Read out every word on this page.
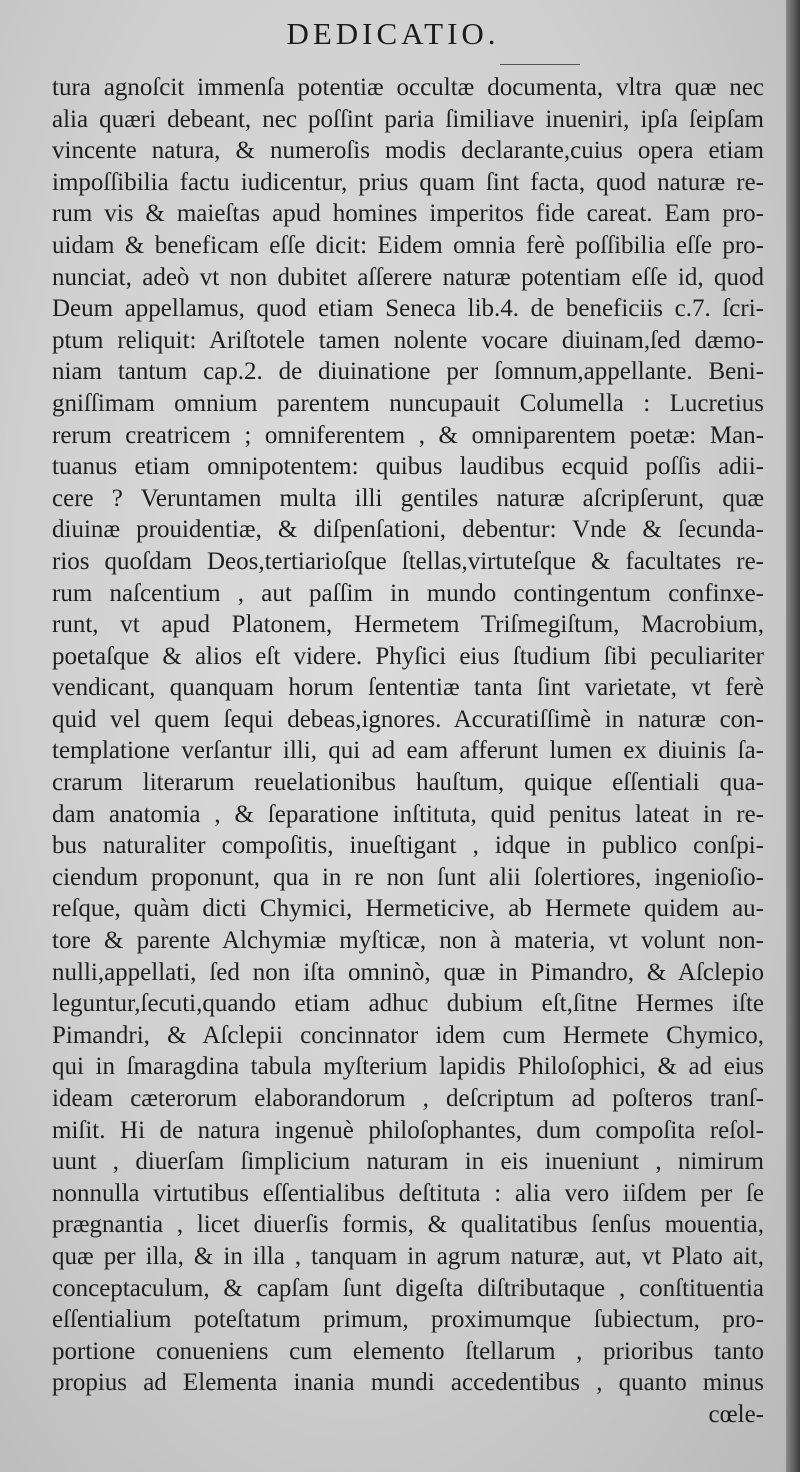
DEDICATIO.
tura agnoſcit immenſa potentiæ occultæ documenta, vltra quæ nec
alia quæri debeant, nec poſſint paria ſimiliave inueniri, ipſa ſeipſam
vincente natura, & numeroſis modis declarante,cuius opera etiam
impoſſibilia factu iudicentur, prius quam ſint facta, quod naturæ re-
rum vis & maieſtas apud homines imperitos fide careat. Eam pro-
uidam & beneficam eſſe dicit: Eidem omnia ferè poſſibilia eſſe pro-
nunciat, adeò vt non dubitet aſſerere naturæ potentiam eſſe id, quod
Deum appellamus, quod etiam Seneca lib.4. de beneficiis c.7. ſcri-
ptum reliquit: Ariſtotele tamen nolente vocare diuinam,ſed dæmo-
niam tantum cap.2. de diuinatione per ſomnum,appellante. Beni-
gniſſimam omnium parentem nuncupauit Columella : Lucretius
rerum creatricem ; omniferentem , & omniparentem poetæ: Man-
tuanus etiam omnipotentem: quibus laudibus ecquid poſſis adii-
cere ? Veruntamen multa illi gentiles naturæ aſcripſerunt, quæ
diuinæ prouidentiæ, & diſpenſationi, debentur: Vnde & ſecunda-
rios quoſdam Deos,tertiarioſque ſtellas,virtuteſque & facultates re-
rum naſcentium , aut paſſim in mundo contingentum confinxe-
runt, vt apud Platonem, Hermetem Triſmegiſtum, Macrobium,
poetaſque & alios eſt videre. Phyſici eius ſtudium ſibi peculiariter
vendicant, quanquam horum ſententiæ tanta ſint varietate, vt ferè
quid vel quem ſequi debeas,ignores. Accuratiſſimè in naturæ con-
templatione verſantur illi, qui ad eam afferunt lumen ex diuinis ſa-
crarum literarum reuelationibus hauſtum, quique eſſentiali qua-
dam anatomia , & ſeparatione inſtituta, quid penitus lateat in re-
bus naturaliter compoſitis, inueſtigant , idque in publico conſpi-
ciendum proponunt, qua in re non ſunt alii ſolertiores, ingenioſio-
reſque, quàm dicti Chymici, Hermeticive, ab Hermete quidem au-
tore & parente Alchymiæ myſticæ, non à materia, vt volunt non-
nulli,appellati, ſed non iſta omninò, quæ in Pimandro, & Aſclepio
leguntur,ſecuti,quando etiam adhuc dubium eſt,ſitne Hermes iſte
Pimandri, & Aſclepii concinnator idem cum Hermete Chymico,
qui in ſmaragdina tabula myſterium lapidis Philoſophici, & ad eius
ideam cæterorum elaborandorum , deſcriptum ad poſteros tranſ-
miſit. Hi de natura ingenuè philoſophantes, dum compoſita reſol-
uunt , diuerſam ſimplicium naturam in eis inueniunt , nimirum
nonnulla virtutibus eſſentialibus deſtituta : alia vero iiſdem per ſe
prægnantia , licet diuerſis formis, & qualitatibus ſenſus mouentia,
quæ per illa, & in illa , tanquam in agrum naturæ, aut, vt Plato ait,
conceptaculum, & capſam ſunt digeſta diſtributaque , conſtituentia
eſſentialium poteſtatum primum, proximumque ſubiectum, pro-
portione conueniens cum elemento ſtellarum , prioribus tanto
propius ad Elementa inania mundi accedentibus , quanto minus
cœle-
